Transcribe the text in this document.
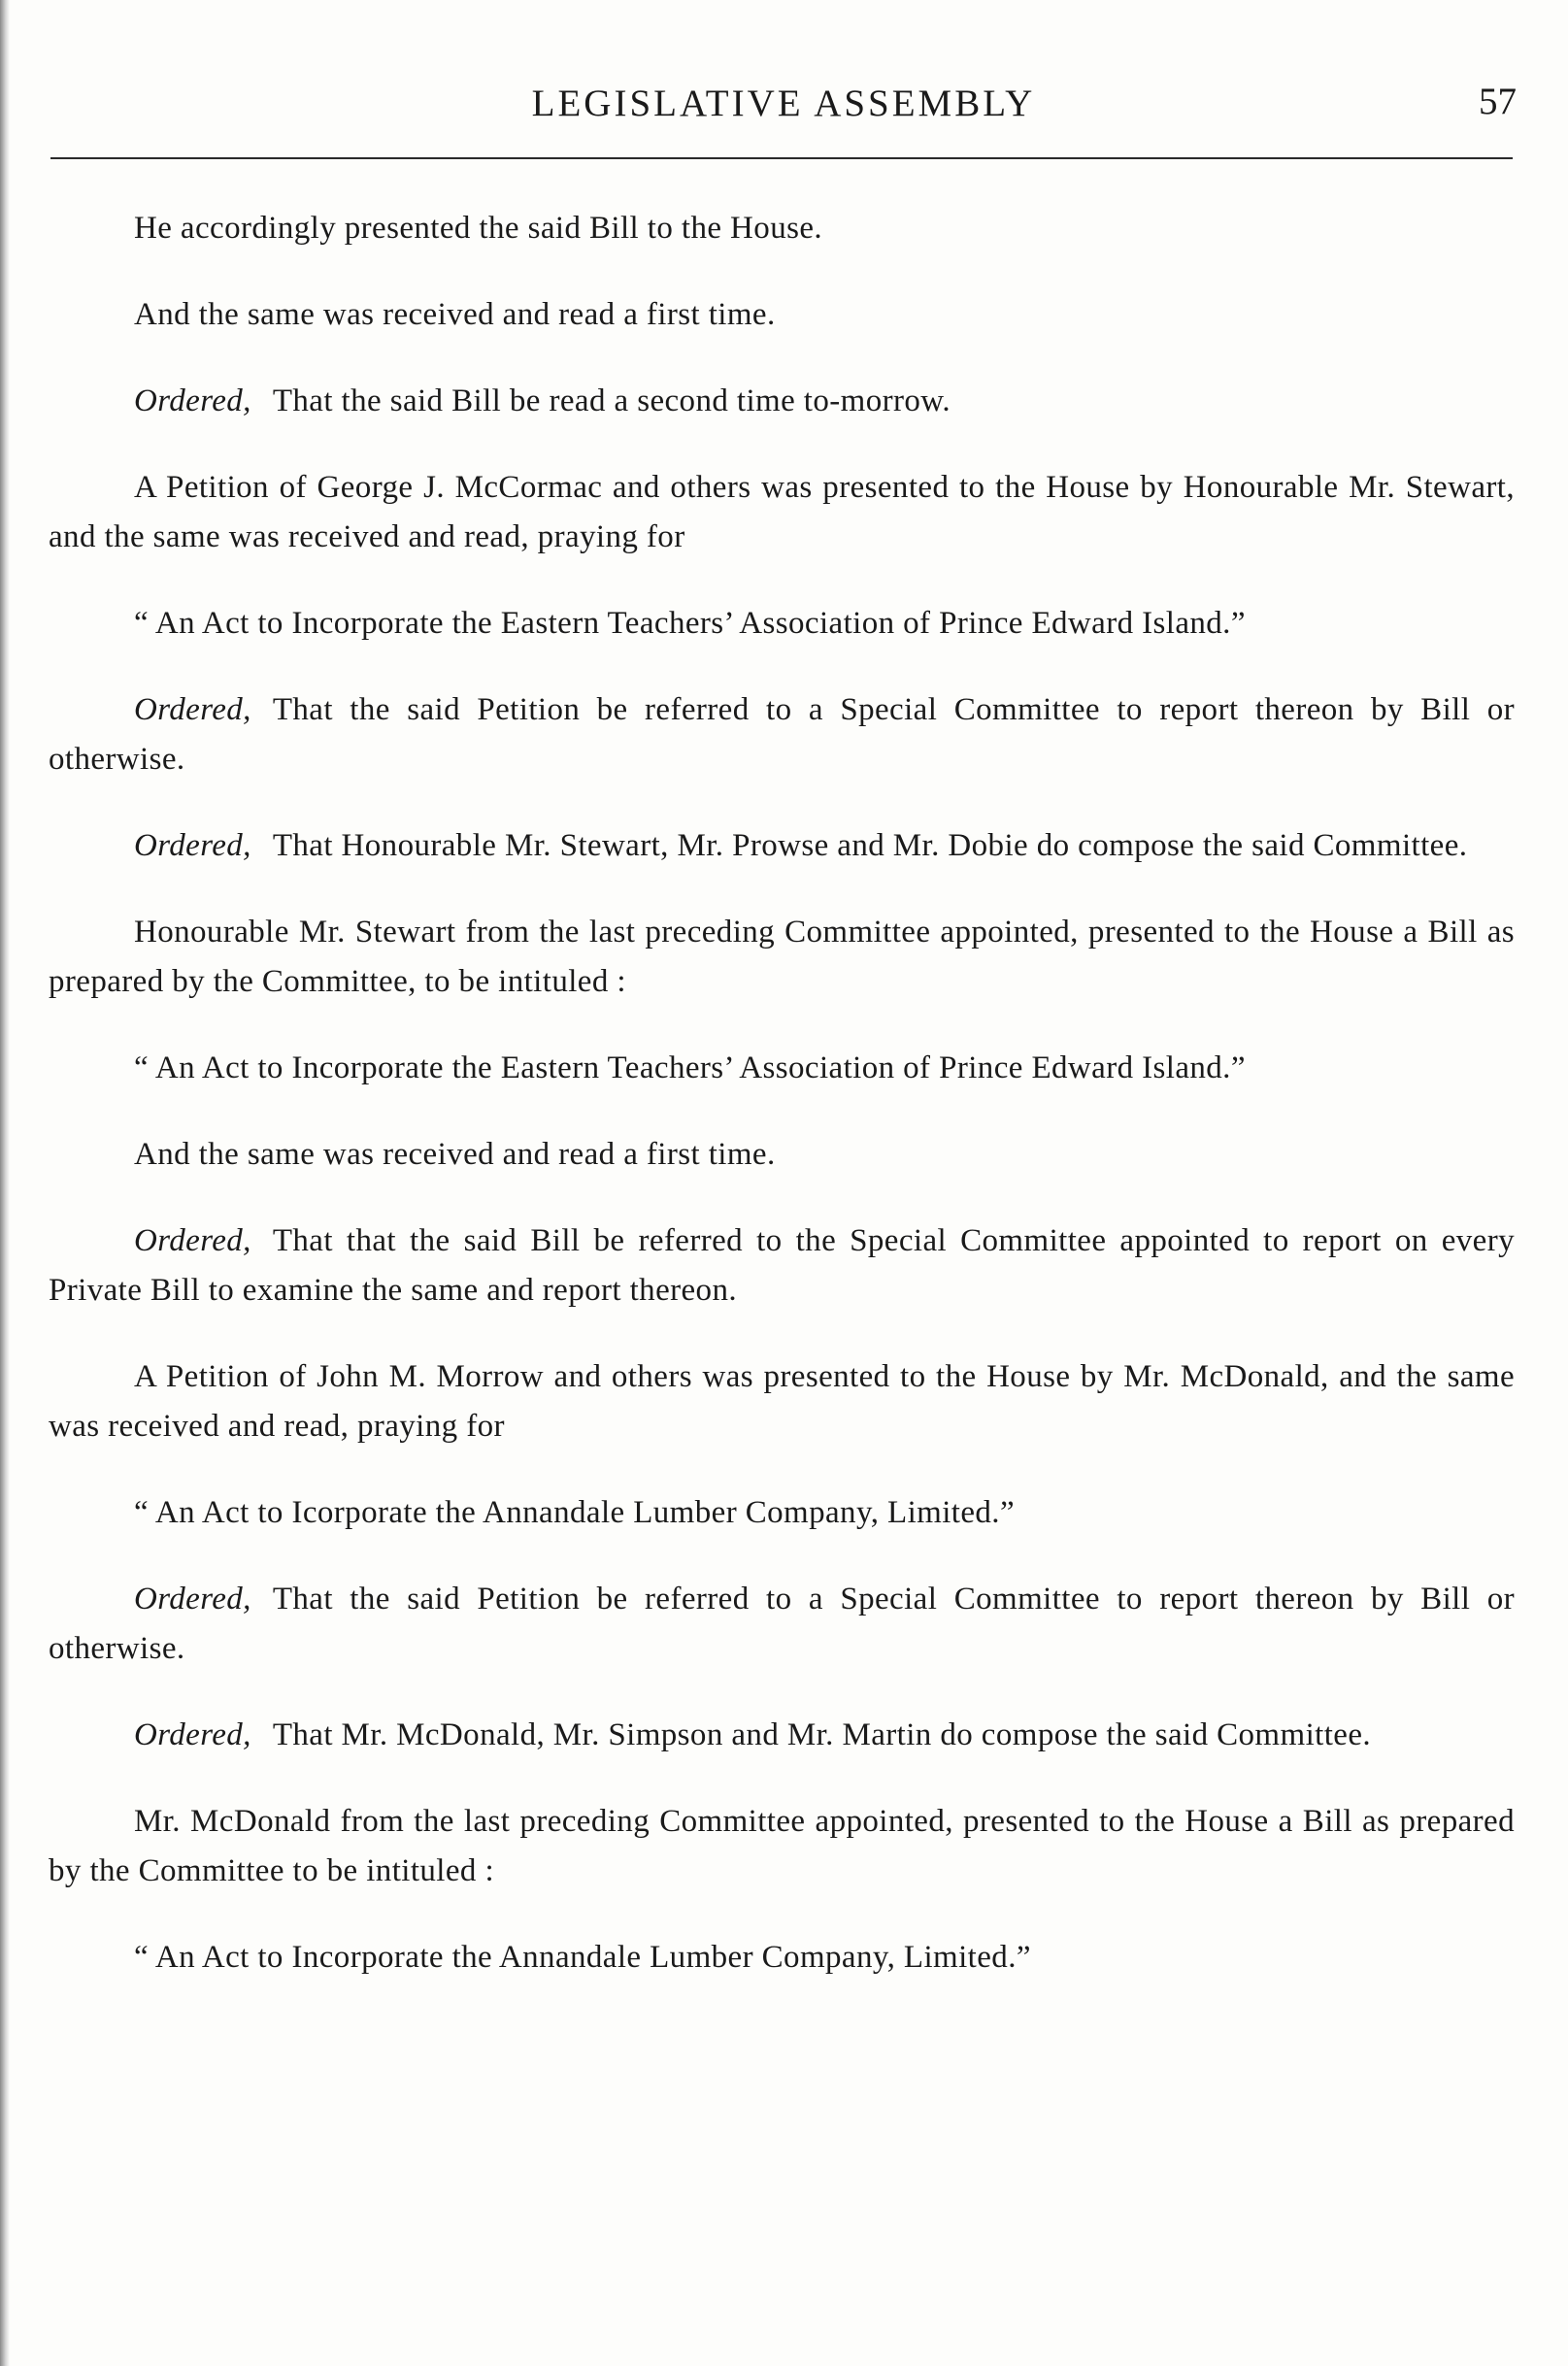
LEGISLATIVE ASSEMBLY	57

He accordingly presented the said Bill to the House.

And the same was received and read a first time.

Ordered, That the said Bill be read a second time to-morrow.

A Petition of George J. McCormac and others was presented to the House by Honourable Mr. Stewart, and the same was received and read, praying for

“ An Act to Incorporate the Eastern Teachers’ Association of Prince Edward Island.”

Ordered, That the said Petition be referred to a Special Committee to report thereon by Bill or otherwise.

Ordered, That Honourable Mr. Stewart, Mr. Prowse and Mr. Dobie do compose the said Committee.

Honourable Mr. Stewart from the last preceding Committee appointed, presented to the House a Bill as prepared by the Committee, to be intituled :

“ An Act to Incorporate the Eastern Teachers’ Association of Prince Edward Island.”

And the same was received and read a first time.

Ordered, That that the said Bill be referred to the Special Committee appointed to report on every Private Bill to examine the same and report thereon.

A Petition of John M. Morrow and others was presented to the House by Mr. McDonald, and the same was received and read, praying for

“ An Act to Icorporate the Annandale Lumber Company, Limited.”

Ordered, That the said Petition be referred to a Special Committee to report thereon by Bill or otherwise.

Ordered, That Mr. McDonald, Mr. Simpson and Mr. Martin do compose the said Committee.

Mr. McDonald from the last preceding Committee appointed, presented to the House a Bill as prepared by the Committee to be intituled :

“ An Act to Incorporate the Annandale Lumber Company, Limited.”
